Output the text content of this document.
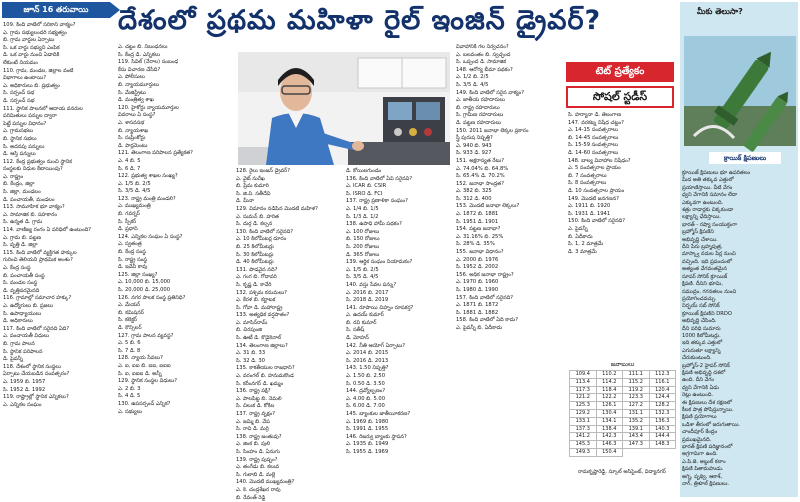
జూన్ 16 తరువాయి	దేశంలో ప్రథమ మహిళా రైల్ ఇంజిన్ డ్రైవర్?
109. కింది వాటిలో సరికాని వాక్యం?
ఎ. గ్రామ సభ్యులందరి సభ్యత్వం
బి. గ్రామ వార్డుల ఏర్పాటు
సి. ఒక వార్డు సభ్యుని ఎంపిక
డి. ఒక వార్డు నుంచి ఏడాదికి
లేకుంటే నియమం
110. గ్రామ, మండల, జిల్లాల వంటి
విభాగాలు ఉంటాయి?
ఎ. అధికారులు బి. ప్రభుత్వం
సి. సర్పంచ్ సభ
డి. సర్పంచ్ సభ
111. స్థానిక పాలనలో ఆదాయ వనరుల
పరిమితులు పన్నుల ద్వారా
పెట్టే పన్నుల విధానం?
ఎ. గ్రామసభలు
బి. స్థానిక సభలు
సి. అదనపు పన్నులు
డి. ఆస్తి పన్నులు
112. కేంద్ర ప్రభుత్వం నుంచి స్థానిక
సంస్థలకు నిధుల కేటాయింపు?
ఎ. రాష్ట్రం
బి. కేంద్రం, జిల్లా
సి. జిల్లా, మండలం
డి. పంచాయతీ, మండలం
113. సామూహిక భూ వాక్యం?
ఎ. సామాజిక బి. సహకారం
సి. ఉన్నత డి. గ్రామ
114. వాణిజ్య రంగం ఏ పరిధిలో ఉంటుంది?
ఎ. గ్రామ బి. పట్టణ
సి. వృత్తి డి. జిల్లా
115. కింది వాటిలో వ్యక్తిగత హక్కుల
గురించి తెలియని ప్రాథమిక అంశం?
ఎ. కేంద్ర సంస్థ
బి. పంచాయతీ సంస్థ
సి. మండల సంస్థ
డి. వృత్తిపరమైనది
116. గ్రామాల్లో సమాచార హక్కు?
ఎ. ఉద్యోగులు బి. ప్రజలు
సి. ఉపాధ్యాయులు
డి. అధికారులు
117. కింది వాటిలో సరైనది ఏది?
ఎ. పంచాయతీ విధులు
బి. గ్రామ పాలన
సి. స్థానిక పరిపాలన
డి. పైవన్నీ
118. దేశంలో స్థానిక సంస్థలు
ఏర్పాటు చేయబడిన సంవత్సరం?
ఎ. 1959 బి. 1957
సి. 1952 డి. 1992
119. రాష్ట్రాల్లో స్థానిక ఎన్నికలు?
ఎ. ఎన్నికల సంఘం
ఎ. చట్టం బి. నిబంధనలు
సి. కేంద్ర డి. ఎన్నికలు
119. సివిల్ (నేరాల) సంబంధ
కేసు విచారణ చేసేది?
ఎ. పోలీసులు
బి. న్యాయమూర్తులు
సి. మేజిస్ట్రేటు
డి. మంత్రిత్వ శాఖ
120. హైకోర్టు న్యాయమూర్తుల
వివరాలు ఏ సంస్థ?
ఎ. శాసనసభ
బి. న్యాయశాఖ
సి. సుప్రీంకోర్టు
డి. పార్లమెంటు
121. తెలంగాణ పరిపాలన ప్రత్యేకత?
ఎ. 4 బి. 5
సి. 6 డి. 7
122. ప్రభుత్వ శాఖల సంఖ్య?
ఎ. 1/5 బి. 2/5
సి. 3/5 డి. 4/5
123. రాష్ట్ర మంత్రి మండలి?
ఎ. ముఖ్యమంత్రి
బి. గవర్నర్
సి. స్పీకర్
డి. ప్రధాని
124. ఎన్నికల సంఘం ఏ సంస్థ?
ఎ. స్వతంత్ర
బి. కేంద్ర సంస్థ
సి. రాష్ట్ర సంస్థ
డి. ఇవేవీ కావు
125. జిల్లా సంఖ్య?
ఎ. 10,000 బి. 15,000
సి. 20,000 డి. 25,000
126. నగర పాలక సంస్థ ప్రతినిధి?
ఎ. మేయర్
బి. కమిషనర్
సి. కలెక్టర్
డి. కౌన్సిలర్
127. గ్రామ పాలన వ్యవస్థ?
ఎ. 5 బి. 6
సి. 7 డి. 8
128. న్యాయ సేవలు?
ఎ. ఐ, ఐఐ బి. ఐఐ, ఐఐఐ
సి. ఐ, ఐఐఐ డి. అన్నీ
129. స్థానిక సంస్థల విధులు?
ఎ. 2 బి. 3
సి. 4 డి. 5
130. ఉపసర్పంచ్ ఎన్నిక?
ఎ. సభ్యులు
128. రైలు ఇంజన్ డ్రైవర్?
ఎ. వైట్ సురేఖ
బి. ప్రేమ కుమారి
సి. జి.వి. సతీదేవి
డి. మీనా
129. విమానం నడిపిన మొదటి మహిళ?
ఎ. సుమన్ బి. హరిత
సి. దుర్గ డి. కల్పన
130. కింది వాటిలో సరైనది?
ఎ. 10 కిలోమీటర్ల దూరం
బి. 25 కిలోమీటర్లు
సి. 30 కిలోమీటర్లు
డి. 40 కిలోమీటర్లు
131. పొడవైన నది?
ఎ. గంగ బి. గోదావరి
సి. కృష్ణ డి. కావేరి
132. పశ్చిమ కనుమలు?
ఎ. కేరళ బి. కర్ణాటక
సి. గోవా డి. మహారాష్ట్ర
133. అత్యధిక వర్షపాతం?
ఎ. మాసిన్‌రామ్
బి. చిరపుంజి
సి. ఊటీ డి. కొడైకెనాల్
134. తెలంగాణ జిల్లాలు?
ఎ. 31 బి. 33
సి. 32 డి. 30
135. కాకతీయుల రాజధాని?
ఎ. వరంగల్ బి. హనుమకొండ
సి. కరీంనగర్ డి. ఖమ్మం
136. రాష్ట్ర పక్షి?
ఎ. పాలపిట్ట బి. నెమలి
సి. చిలుక డి. కోకిల
137. రాష్ట్ర వృక్షం?
ఎ. జమ్మి బి. వేప
సి. రావి డి. మర్రి
138. రాష్ట్ర జంతువు?
ఎ. జింక బి. పులి
సి. సింహం డి. ఏనుగు
139. రాష్ట్ర పుష్పం?
ఎ. తంగేడు బి. కలువ
సి. గులాబి డి. మల్లె
140. మొదటి ముఖ్యమంత్రి?
ఎ. కె. చంద్రశేఖర రావు
బి. రేవంత్ రెడ్డి
డి. కోయిలగుండం
136. కింది వాటిలో ఏవి సరైనవి?
ఎ. ICAR బి. CSIR
సి. ISRO డి. FCI
137. రాష్ట్ర ప్రణాళికా సంఘం?
ఎ. 1/4 బి. 1/5
సి. 1/3 డి. 1/2
138. ఉపాధి హామీ పథకం?
ఎ. 100 రోజులు
బి. 150 రోజులు
సి. 200 రోజులు
డి. 365 రోజులు
139. ఆర్థిక సంఘం నియామకం?
ఎ. 1/5 బి. 2/5
సి. 3/5 డి. 4/5
140. వస్తు సేవల పన్ను?
ఎ. 2016 బి. 2017
సి. 2018 డి. 2019
141. రూపాయి చిహ్నం రూపకర్త?
ఎ. ఉదయ్ కుమార్
బి. రవి కుమార్
సి. సతీష్
డి. మోహన్
142. నీతి ఆయోగ్ ఏర్పాటు?
ఎ. 2014 బి. 2015
సి. 2016 డి. 2013
143. 1.50 నిష్పత్తి?
ఎ. 1.50 బి. 2.50
సి. 0.50 డి. 3.50
144. ద్రవ్యోల్బణం?
ఎ. 4.00 బి. 5.00
సి. 6.00 డి. 7.00
145. బ్యాంకుల జాతీయీకరణ?
ఎ. 1969 బి. 1980
సి. 1991 డి. 1955
146. రిజర్వు బ్యాంకు స్థాపన?
ఎ. 1935 బి. 1949
సి. 1955 డి. 1969
వివాహానికి గల నిర్వచనం?
ఎ. బలవంతం బి. స్వచ్ఛంద
సి. ఒప్పంద డి. సామాజిక
148. ఆరోగ్య బీమా పథకం?
ఎ. 1/2 బి. 2/5
సి. 3/5 డి. 4/5
149. కింది వాటిలో సరైన వాక్యం?
ఎ. జాతీయ రహదారులు
బి. రాష్ట్ర రహదారులు
సి. గ్రామీణ రహదారులు
డి. పట్టణ రహదారులు
150. 2011 జనాభా లెక్కల ప్రకారం
స్త్రీ పురుష నిష్పత్తి?
ఎ. 940 బి. 943
సి. 933 డి. 927
151. అక్షరాస్యత రేటు?
ఎ. 74.04% బి. 64.8%
సి. 65.4% డి. 70.2%
152. జనాభా సాంద్రత?
ఎ. 382 బి. 325
సి. 312 డి. 400
153. మొదటి జనాభా లెక్కలు?
ఎ. 1872 బి. 1881
సి. 1951 డి. 1901
154. పట్టణ జనాభా?
ఎ. 31.16% బి. 25%
సి. 28% డి. 35%
155. జనాభా విధానం?
ఎ. 2000 బి. 1976
సి. 1952 డి. 2002
156. అధిక జనాభా రాష్ట్రం?
ఎ. 1970 బి. 1960
సి. 1980 డి. 1990
157. కింది వాటిలో సరైనది?
ఎ. 1871 బి. 1872
సి. 1881 డి. 1882
158. కింది వాటిలో ఏది కాదు?
ఎ. పైవన్నీ బి. ఏదీకాదు
సి. హర్యానా డి. తెలంగాణ
147. వరకట్న నిషేధ చట్టం?
ఎ. 14-15 సంవత్సరాలు
బి. 14-45 సంవత్సరాలు
సి. 15-59 సంవత్సరాలు
డి. 14-60 సంవత్సరాలు
148. బాల్య వివాహాల నిషేధం?
ఎ. 5 సంవత్సరాల ప్రాయం
బి. 7 సంవత్సరాలు
సి. 8 సంవత్సరాలు
డి. 10 సంవత్సరాల ప్రాయం
149. మొదటి జనగణన?
ఎ. 1911 బి. 1920
సి. 1931 డి. 1941
150. కింది వాటిలో సరైనది?
ఎ. పైవన్నీ
బి. ఏదీకాదు
సి. 1, 2 మాత్రమే
డి. 3 మాత్రమే
టెట్ ప్రత్యేకం
సోషల్ స్టడీస్
జవాబులు
109.4	110.2	111.1	112.3
113.4	114.2	115.2	116.1
117.3	118.4	119.2	120.4
121.2	122.2	123.3	124.4
125.3	126.1	127.2	128.2
129.2	130.4	131.1	132.3
133.1	134.1	135.2	136.3
137.3	138.4	139.1	140.3
141.2	142.3	143.4	144.4
145.3	146.3	147.3	148.3
149.3	150.4		
రామకృష్ణారెడ్డి, స్కూల్ అసిస్టెంట్, విద్యానగర్
మీకు తెలుసా?
క్రాయిక్ క్షిపణులు
క్రూయిజ్ క్షిపణులు భూ ఉపరితలం
మీద అతి తక్కువ ఎత్తులో
ప్రయాణిస్తాయి. వీటి వేగం
ధ్వని వేగానికి సమానం లేదా
ఎక్కువగా ఉంటుంది.
శత్రు రాడార్లకు చిక్కకుండా
లక్ష్యాన్ని ఛేదిస్తాయి.
భారత్ - రష్యా సంయుక్తంగా
బ్రహ్మోస్ క్షిపణిని
అభివృద్ధి చేశాయి.
దీని పేరు బ్రహ్మపుత్ర,
మాస్క్వా నదుల పేర్ల నుంచి
వచ్చింది. ఇది ప్రపంచంలో
అత్యంత వేగవంతమైన
సూపర్ సోనిక్ క్రూయిజ్
క్షిపణి. దీనిని భూమి,
సముద్రం, గగనతలం నుంచి
ప్రయోగించవచ్చు.
నిర్భయ్ సబ్ సోనిక్
క్రూయిజ్ క్షిపణిని DRDO
అభివృద్ధి చేసింది.
దీని పరిధి సుమారు
1000 కిలోమీటర్లు.
ఇది తక్కువ ఎత్తులో
ఎగురుతూ లక్ష్యాన్ని
చేరుకుంటుంది.
బ్రహ్మోస్-2 హైపర్ సోనిక్
క్షిపణి అభివృద్ధి దశలో
ఉంది. దీని వేగం
ధ్వని వేగానికి ఏడు
రెట్లు ఉంటుంది.
ఈ క్షిపణులు దేశ రక్షణలో
కీలక పాత్ర పోషిస్తున్నాయి.
క్షిపణి ప్రయోగాలు
ఒడిశా తీరంలో జరుగుతాయి.
చాందీపూర్ కేంద్రం
ప్రముఖమైనది.
భారత్ క్షిపణి పరిజ్ఞానంలో
అగ్రగామిగా ఉంది.
ఎ.పి.జె. అబ్దుల్ కలాం
క్షిపణి పితామహుడు.
అగ్ని, పృథ్వి, ఆకాశ్,
నాగ్, త్రిశూల్ క్షిపణులు.
